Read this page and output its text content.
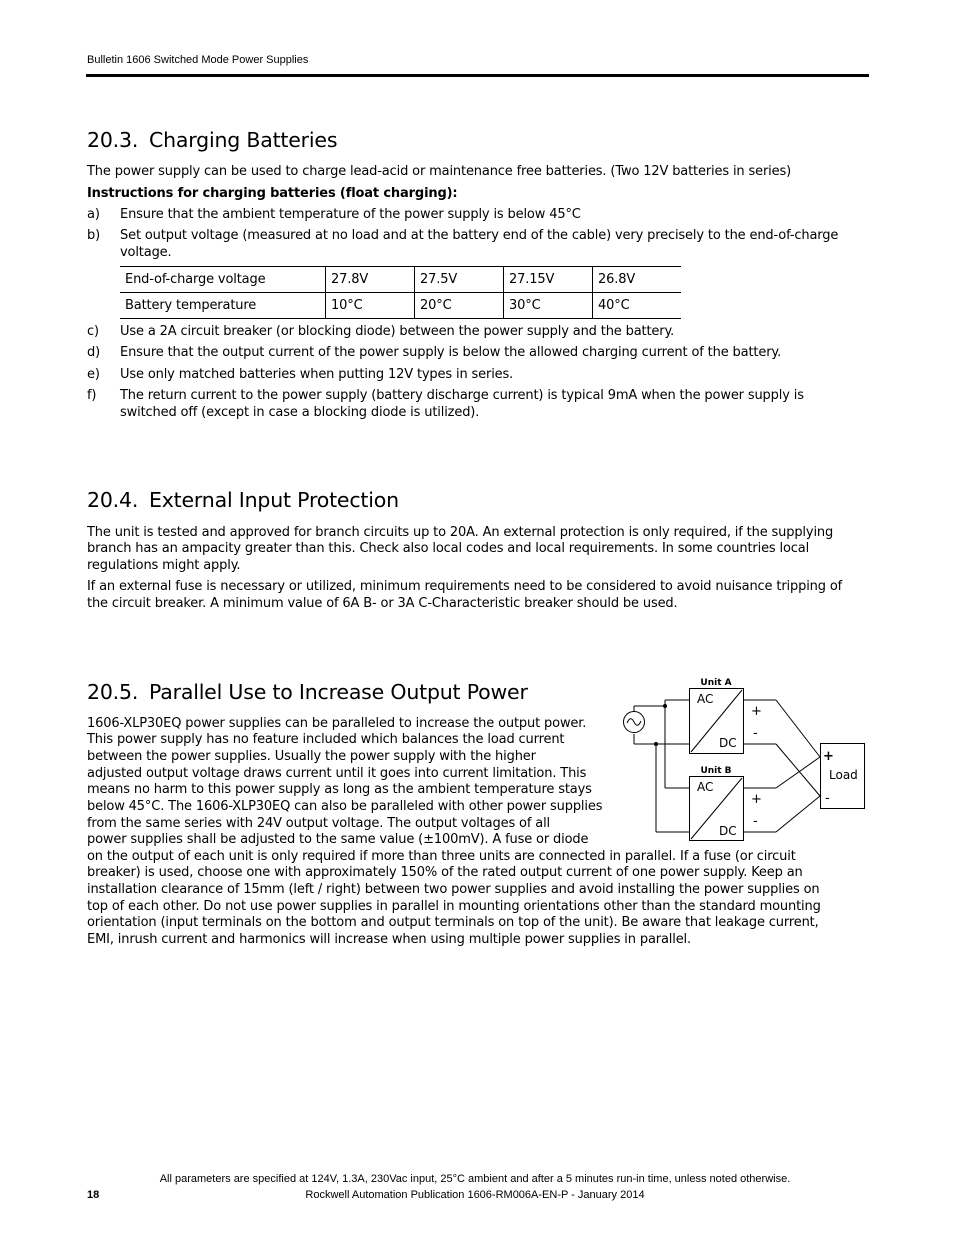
Bulletin 1606 Switched Mode Power Supplies
20.3. Charging Batteries

The power supply can be used to charge lead-acid or maintenance free batteries. (Two 12V batteries in series)

Instructions for charging batteries (float charging):

a) Ensure that the ambient temperature of the power supply is below 45°C
b) Set output voltage (measured at no load and at the battery end of the cable) very precisely to the end-of-charge
voltage.
End-of-charge voltage	27.8V	27.5V	27.15V	26.8V
Battery temperature	10°C	20°C	30°C	40°C
c) Use a 2A circuit breaker (or blocking diode) between the power supply and the battery.
d) Ensure that the output current of the power supply is below the allowed charging current of the battery.
e) Use only matched batteries when putting 12V types in series.
f) The return current to the power supply (battery discharge current) is typical 9mA when the power supply is
switched off (except in case a blocking diode is utilized).
20.4. External Input Protection

The unit is tested and approved for branch circuits up to 20A. An external protection is only required, if the supplying

branch has an ampacity greater than this. Check also local codes and local requirements. In some countries local

regulations might apply.

If an external fuse is necessary or utilized, minimum requirements need to be considered to avoid nuisance tripping of

the circuit breaker. A minimum value of 6A B- or 3A C-Characteristic breaker should be used.

20.5. Parallel Use to Increase Output Power

1606-XLP30EQ power supplies can be paralleled to increase the output power.

This power supply has no feature included which balances the load current

between the power supplies. Usually the power supply with the higher

adjusted output voltage draws current until it goes into current limitation. This

means no harm to this power supply as long as the ambient temperature stays

below 45°C. The 1606-XLP30EQ can also be paralleled with other power supplies

from the same series with 24V output voltage. The output voltages of all

power supplies shall be adjusted to the same value (±100mV). A fuse or diode

on the output of each unit is only required if more than three units are connected in parallel. If a fuse (or circuit

breaker) is used, choose one with approximately 150% of the rated output current of one power supply. Keep an

installation clearance of 15mm (left / right) between two power supplies and avoid installing the power supplies on

top of each other. Do not use power supplies in parallel in mounting orientations other than the standard mounting

orientation (input terminals on the bottom and output terminals on top of the unit). Be aware that leakage current,

EMI, inrush current and harmonics will increase when using multiple power supplies in parallel.

Unit A
Unit B
AC
DC
AC
DC
+
-
+
-
+
Load
-
All parameters are specified at 124V, 1.3A, 230Vac input, 25°C ambient and after a 5 minutes run-in time, unless noted otherwise.
18	Rockwell Automation Publication 1606-RM006A-EN-P - January 2014
